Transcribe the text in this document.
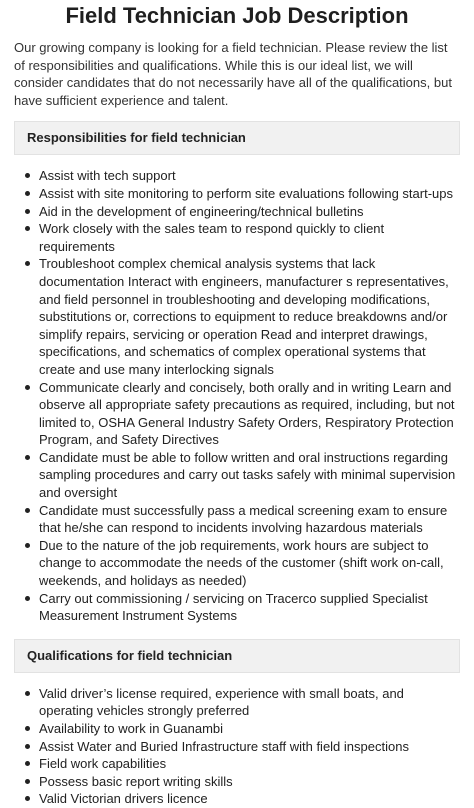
Field Technician Job Description

Our growing company is looking for a field technician. Please review the list of responsibilities and qualifications. While this is our ideal list, we will consider candidates that do not necessarily have all of the qualifications, but have sufficient experience and talent.

Responsibilities for field technician
Assist with tech support
Assist with site monitoring to perform site evaluations following start-ups
Aid in the development of engineering/technical bulletins
Work closely with the sales team to respond quickly to client requirements
Troubleshoot complex chemical analysis systems that lack documentation Interact with engineers, manufacturer s representatives, and field personnel in troubleshooting and developing modifications, substitutions or, corrections to equipment to reduce breakdowns and/or simplify repairs, servicing or operation Read and interpret drawings, specifications, and schematics of complex operational systems that create and use many interlocking signals
Communicate clearly and concisely, both orally and in writing Learn and observe all appropriate safety precautions as required, including, but not limited to, OSHA General Industry Safety Orders, Respiratory Protection Program, and Safety Directives
Candidate must be able to follow written and oral instructions regarding sampling procedures and carry out tasks safely with minimal supervision and oversight
Candidate must successfully pass a medical screening exam to ensure that he/she can respond to incidents involving hazardous materials
Due to the nature of the job requirements, work hours are subject to change to accommodate the needs of the customer (shift work on-call, weekends, and holidays as needed)
Carry out commissioning / servicing on Tracerco supplied Specialist Measurement Instrument Systems
Qualifications for field technician
Valid driver’s license required, experience with small boats, and operating vehicles strongly preferred
Availability to work in Guanambi
Assist Water and Buried Infrastructure staff with field inspections
Field work capabilities
Possess basic report writing skills
Valid Victorian drivers licence
